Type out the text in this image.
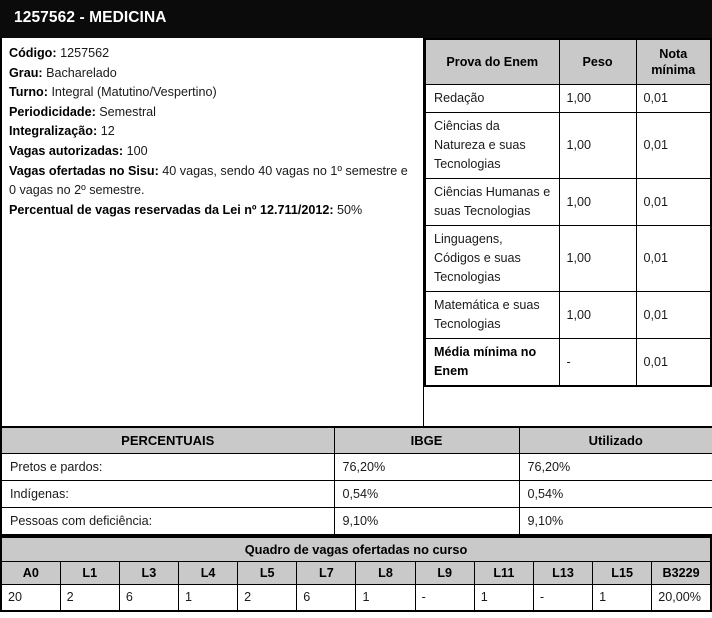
1257562 - MEDICINA
Código: 1257562
Grau: Bacharelado
Turno: Integral (Matutino/Vespertino)
Periodicidade: Semestral
Integralização: 12
Vagas autorizadas: 100
Vagas ofertadas no Sisu: 40 vagas, sendo 40 vagas no 1º semestre e 0 vagas no 2º semestre.
Percentual de vagas reservadas da Lei nº 12.711/2012: 50%
Prova do Enem	Peso	Nota mínima
Redação	1,00	0,01
Ciências da Natureza e suas Tecnologias	1,00	0,01
Ciências Humanas e suas Tecnologias	1,00	0,01
Linguagens, Códigos e suas Tecnologias	1,00	0,01
Matemática e suas Tecnologias	1,00	0,01
Média mínima no Enem	-	0,01
PERCENTUAIS	IBGE	Utilizado
Pretos e pardos:	76,20%	76,20%
Indígenas:	0,54%	0,54%
Pessoas com deficiência:	9,10%	9,10%
Quadro de vagas ofertadas no curso											
A0	L1	L3	L4	L5	L7	L8	L9	L11	L13	L15	B3229
20	2	6	1	2	6	1	-	1	-	1	20,00%
